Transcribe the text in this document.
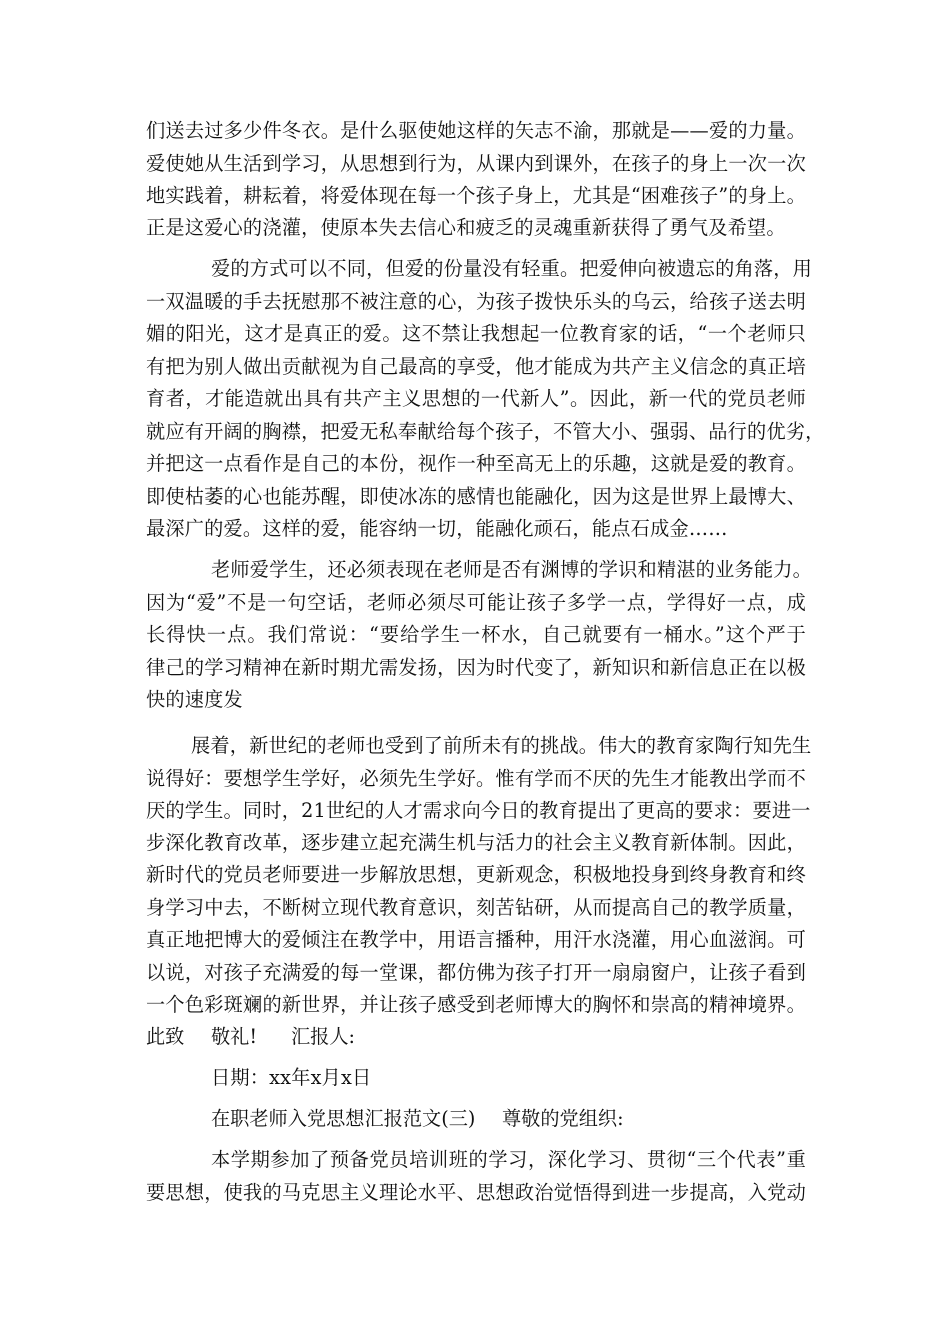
们送去过多少件冬衣。是什么驱使她这样的矢志不渝，那就是——爱的力量。
爱使她从生活到学习，从思想到行为，从课内到课外，在孩子的身上一次一次
地实践着，耕耘着，将爱体现在每一个孩子身上，尤其是“困难孩子”的身上。
正是这爱心的浇灌，使原本失去信心和疲乏的灵魂重新获得了勇气及希望。
爱的方式可以不同，但爱的份量没有轻重。把爱伸向被遗忘的角落，用
一双温暖的手去抚慰那不被注意的心，为孩子拨快乐头的乌云，给孩子送去明
媚的阳光，这才是真正的爱。这不禁让我想起一位教育家的话，“一个老师只
有把为别人做出贡献视为自己最高的享受，他才能成为共产主义信念的真正培
育者，才能造就出具有共产主义思想的一代新人”。因此，新一代的党员老师
就应有开阔的胸襟，把爱无私奉献给每个孩子，不管大小、强弱、品行的优劣，
并把这一点看作是自己的本份，视作一种至高无上的乐趣，这就是爱的教育。
即使枯萎的心也能苏醒，即使冰冻的感情也能融化，因为这是世界上最博大、
最深广的爱。这样的爱，能容纳一切，能融化顽石，能点石成金……
老师爱学生，还必须表现在老师是否有渊博的学识和精湛的业务能力。
因为“爱”不是一句空话，老师必须尽可能让孩子多学一点，学得好一点，成
长得快一点。我们常说：“要给学生一杯水，自己就要有一桶水。”这个严于
律己的学习精神在新时期尤需发扬，因为时代变了，新知识和新信息正在以极
快的速度发
展着，新世纪的老师也受到了前所未有的挑战。伟大的教育家陶行知先生
说得好：要想学生学好，必须先生学好。惟有学而不厌的先生才能教出学而不
厌的学生。同时，21世纪的人才需求向今日的教育提出了更高的要求：要进一
步深化教育改革，逐步建立起充满生机与活力的社会主义教育新体制。因此，
新时代的党员老师要进一步解放思想，更新观念，积极地投身到终身教育和终
身学习中去，不断树立现代教育意识，刻苦钻研，从而提高自己的教学质量，
真正地把博大的爱倾注在教学中，用语言播种，用汗水浇灌，用心血滋润。可
以说，对孩子充满爱的每一堂课，都仿佛为孩子打开一扇扇窗户，让孩子看到
一个色彩斑斓的新世界，并让孩子感受到老师博大的胸怀和崇高的精神境界。
此致 敬礼! 汇报人:
日期：xx年x月x日
在职老师入党思想汇报范文(三) 尊敬的党组织:
本学期参加了预备党员培训班的学习，深化学习、贯彻“三个代表”重
要思想，使我的马克思主义理论水平、思想政治觉悟得到进一步提高，入党动
